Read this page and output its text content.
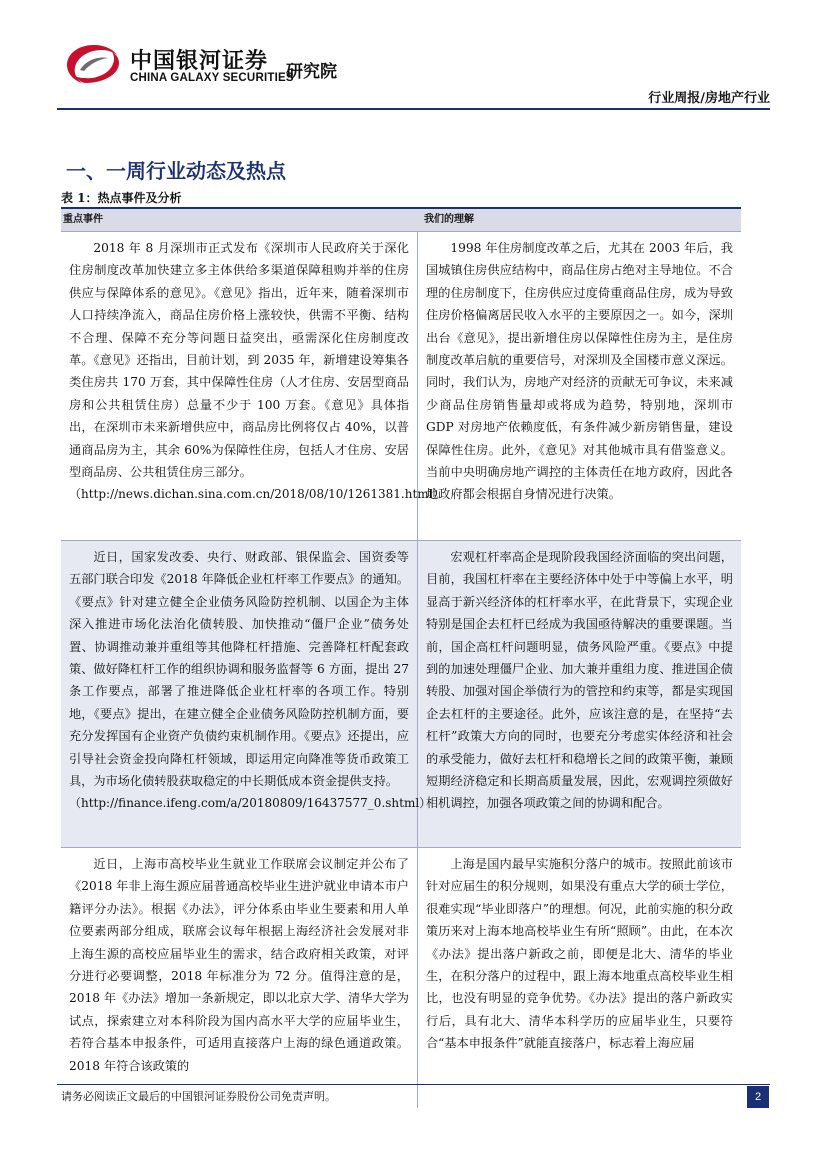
中国银河证券
CHINA GALAXY SECURITIES
研究院
行业周报/房地产行业
一、一周行业动态及热点
表 1：热点事件及分析
重点事件	我们的理解

2018 年 8 月深圳市正式发布《深圳市人民政府关于深化住房制度改革加快建立多主体供给多渠道保障租购并举的住房供应与保障体系的意见》。《意见》指出，近年来，随着深圳市人口持续净流入，商品住房价格上涨较快，供需不平衡、结构不合理、保障不充分等问题日益突出，亟需深化住房制度改革。《意见》还指出，目前计划，到 2035 年，新增建设筹集各类住房共 170 万套，其中保障性住房（人才住房、安居型商品房和公共租赁住房）总量不少于 100 万套。《意见》具体指出，在深圳市未来新增供应中，商品房比例将仅占 40%，以普通商品房为主，其余 60%为保障性住房，包括人才住房、安居型商品房、公共租赁住房三部分。

（http://news.dichan.sina.com.cn/2018/08/10/1261381.html）

1998 年住房制度改革之后，尤其在 2003 年后，我国城镇住房供应结构中，商品住房占绝对主导地位。不合理的住房制度下，住房供应过度倚重商品住房，成为导致住房价格偏离居民收入水平的主要原因之一。如今，深圳出台《意见》，提出新增住房以保障性住房为主，是住房制度改革启航的重要信号，对深圳及全国楼市意义深远。同时，我们认为，房地产对经济的贡献无可争议，未来减少商品住房销售量却或将成为趋势，特别地，深圳市 GDP 对房地产依赖度低，有条件减少新房销售量，建设保障性住房。此外，《意见》对其他城市具有借鉴意义。当前中央明确房地产调控的主体责任在地方政府，因此各地政府都会根据自身情况进行决策。

近日，国家发改委、央行、财政部、银保监会、国资委等五部门联合印发《2018 年降低企业杠杆率工作要点》的通知。《要点》针对建立健全企业债务风险防控机制、以国企为主体深入推进市场化法治化债转股、加快推动“僵尸企业”债务处置、协调推动兼并重组等其他降杠杆措施、完善降杠杆配套政策、做好降杠杆工作的组织协调和服务监督等 6 方面，提出 27 条工作要点，部署了推进降低企业杠杆率的各项工作。特别地，《要点》提出，在建立健全企业债务风险防控机制方面，要充分发挥国有企业资产负债约束机制作用。《要点》还提出，应引导社会资金投向降杠杆领域，即运用定向降准等货币政策工具，为市场化债转股获取稳定的中长期低成本资金提供支持。

（http://finance.ifeng.com/a/20180809/16437577_0.shtml）

宏观杠杆率高企是现阶段我国经济面临的突出问题，目前，我国杠杆率在主要经济体中处于中等偏上水平，明显高于新兴经济体的杠杆率水平，在此背景下，实现企业特别是国企去杠杆已经成为我国亟待解决的重要课题。当前，国企高杠杆问题明显，债务风险严重。《要点》中提到的加速处理僵尸企业、加大兼并重组力度、推进国企债转股、加强对国企举债行为的管控和约束等，都是实现国企去杠杆的主要途径。此外，应该注意的是，在坚持“去杠杆”政策大方向的同时，也要充分考虑实体经济和社会的承受能力，做好去杠杆和稳增长之间的政策平衡，兼顾短期经济稳定和长期高质量发展，因此，宏观调控须做好相机调控，加强各项政策之间的协调和配合。

近日，上海市高校毕业生就业工作联席会议制定并公布了《2018 年非上海生源应届普通高校毕业生进沪就业申请本市户籍评分办法》。根据《办法》，评分体系由毕业生要素和用人单位要素两部分组成，联席会议每年根据上海经济社会发展对非上海生源的高校应届毕业生的需求，结合政府相关政策，对评分进行必要调整，2018 年标准分为 72 分。值得注意的是，2018 年《办法》增加一条新规定，即以北京大学、清华大学为试点，探索建立对本科阶段为国内高水平大学的应届毕业生，若符合基本申报条件，可适用直接落户上海的绿色通道政策。2018 年符合该政策的

上海是国内最早实施积分落户的城市。按照此前该市针对应届生的积分规则，如果没有重点大学的硕士学位，很难实现“毕业即落户”的理想。何况，此前实施的积分政策历来对上海本地高校毕业生有所“照顾”。由此，在本次《办法》提出落户新政之前，即便是北大、清华的毕业生，在积分落户的过程中，跟上海本地重点高校毕业生相比，也没有明显的竞争优势。《办法》提出的落户新政实行后，具有北大、清华本科学历的应届毕业生，只要符合“基本申报条件”就能直接落户，标志着上海应届

请务必阅读正文最后的中国银河证券股份公司免责声明。	2
